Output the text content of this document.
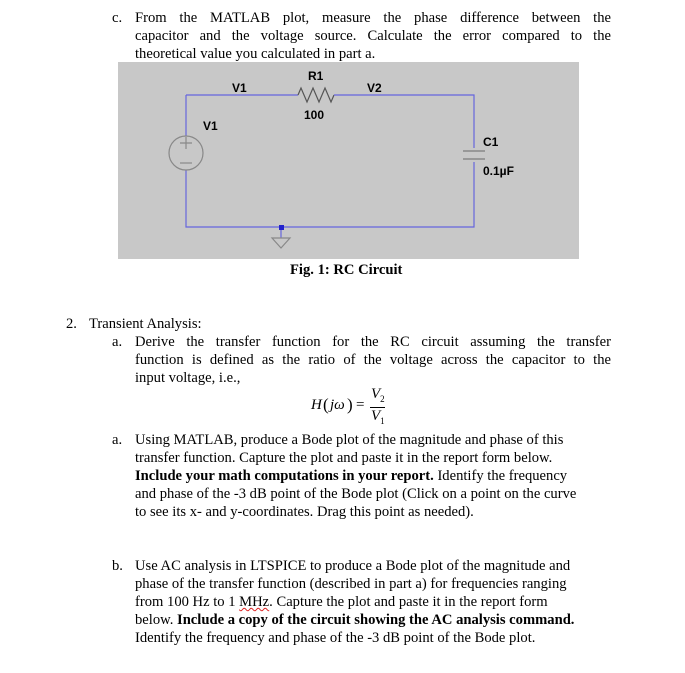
c. From the MATLAB plot, measure the phase difference between the
capacitor and the voltage source. Calculate the error compared to the
theoretical value you calculated in part a.
V1
R1
V2
100
V1
C1
0.1µF
Fig. 1: RC Circuit
2. Transient Analysis:
a. Derive the transfer function for the RC circuit assuming the transfer
function is defined as the ratio of the voltage across the capacitor to the
input voltage, i.e.,
H ( jω ) =
$V_2$
$V_1$
a. Using MATLAB, produce a Bode plot of the magnitude and phase of this
transfer function. Capture the plot and paste it in the report form below.
Include your math computations in your report. Identify the frequency
and phase of the -3 dB point of the Bode plot (Click on a point on the curve
to see its x- and y-coordinates. Drag this point as needed).
b. Use AC analysis in LTSPICE to produce a Bode plot of the magnitude and
phase of the transfer function (described in part a) for frequencies ranging
from 100 Hz to 1 MHz. Capture the plot and paste it in the report form
below. Include a copy of the circuit showing the AC analysis command.
Identify the frequency and phase of the -3 dB point of the Bode plot.
